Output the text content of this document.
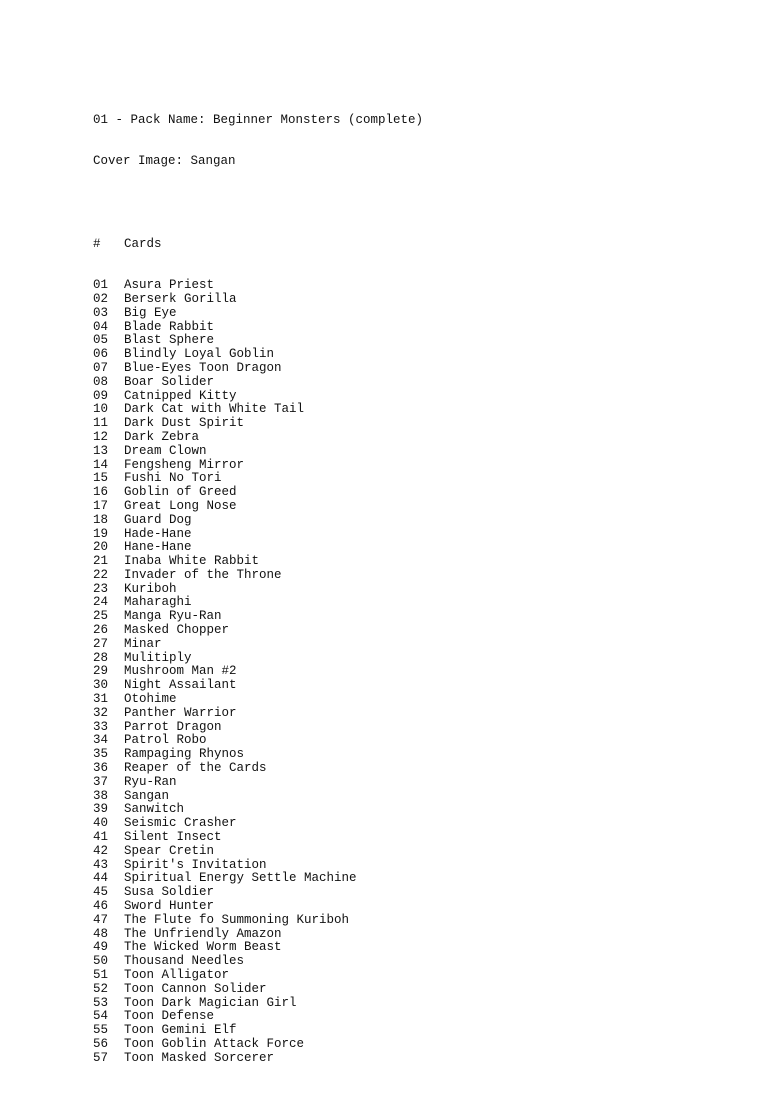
01 - Pack Name: Beginner Monsters (complete)

Cover Image: Sangan

# Cards

01 Asura Priest
02 Berserk Gorilla
03 Big Eye
04 Blade Rabbit
05 Blast Sphere
06 Blindly Loyal Goblin
07 Blue-Eyes Toon Dragon
08 Boar Solider
09 Catnipped Kitty
10 Dark Cat with White Tail
11 Dark Dust Spirit
12 Dark Zebra
13 Dream Clown
14 Fengsheng Mirror
15 Fushi No Tori
16 Goblin of Greed
17 Great Long Nose
18 Guard Dog
19 Hade-Hane
20 Hane-Hane
21 Inaba White Rabbit
22 Invader of the Throne
23 Kuriboh
24 Maharaghi
25 Manga Ryu-Ran
26 Masked Chopper
27 Minar
28 Mulitiply
29 Mushroom Man #2
30 Night Assailant
31 Otohime
32 Panther Warrior
33 Parrot Dragon
34 Patrol Robo
35 Rampaging Rhynos
36 Reaper of the Cards
37 Ryu-Ran
38 Sangan
39 Sanwitch
40 Seismic Crasher
41 Silent Insect
42 Spear Cretin
43 Spirit's Invitation
44 Spiritual Energy Settle Machine
45 Susa Soldier
46 Sword Hunter
47 The Flute fo Summoning Kuriboh
48 The Unfriendly Amazon
49 The Wicked Worm Beast
50 Thousand Needles
51 Toon Alligator
52 Toon Cannon Solider
53 Toon Dark Magician Girl
54 Toon Defense
55 Toon Gemini Elf
56 Toon Goblin Attack Force
57 Toon Masked Sorcerer
